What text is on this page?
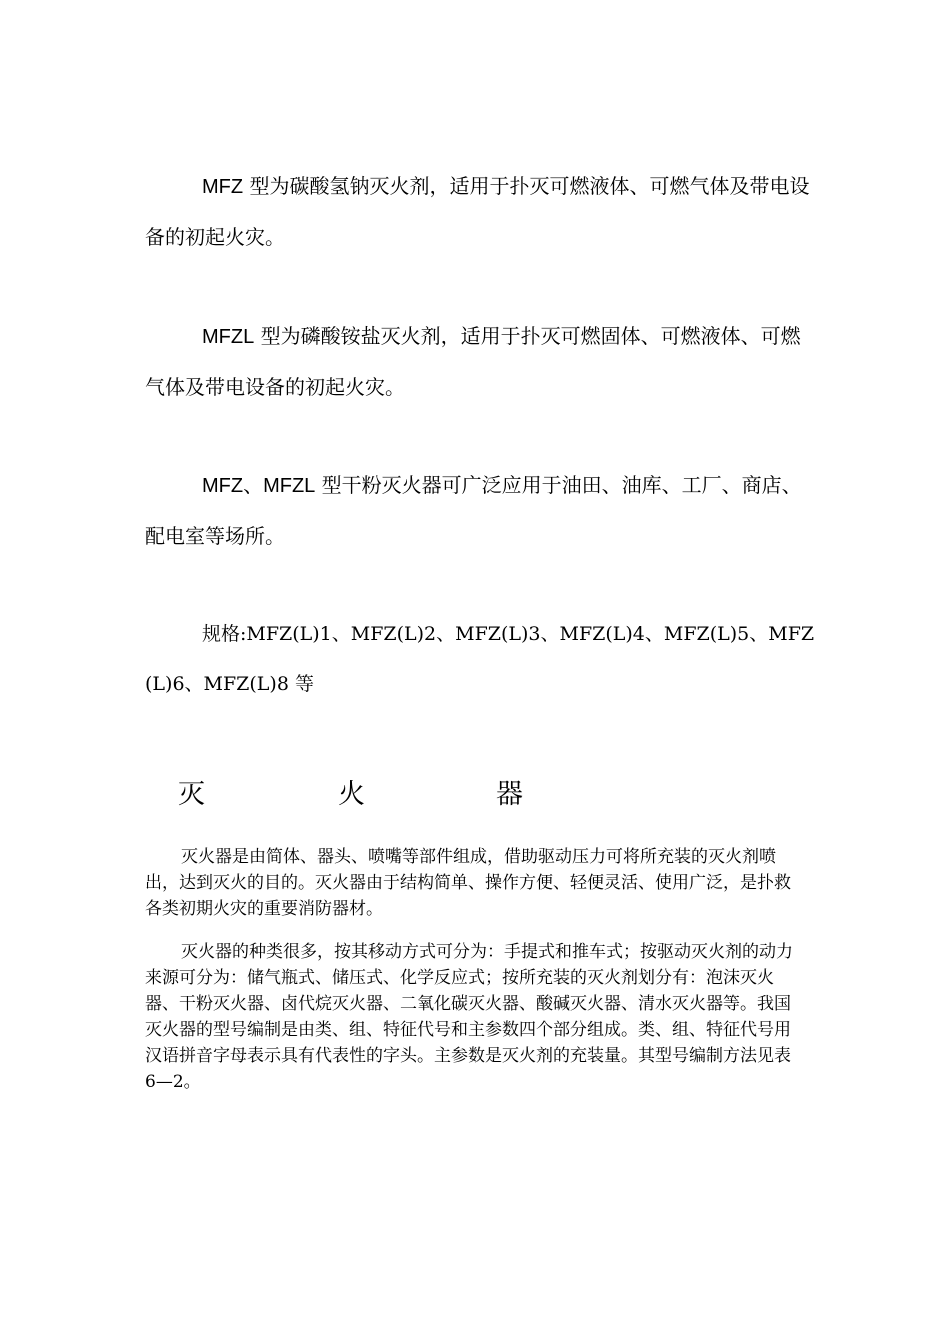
MFZ 型为碳酸氢钠灭火剂，适用于扑灭可燃液体、可燃气体及带电设备的初起火灾。

MFZL 型为磷酸铵盐灭火剂，适用于扑灭可燃固体、可燃液体、可燃气体及带电设备的初起火灾。

MFZ、MFZL 型干粉灭火器可广泛应用于油田、油库、工厂、商店、配电室等场所。

规格:MFZ(L)1、MFZ(L)2、MFZ(L)3、MFZ(L)4、MFZ(L)5、MFZ(L)6、MFZ(L)8 等

灭	火	器

灭火器是由简体、器头、喷嘴等部件组成，借助驱动压力可将所充装的灭火剂喷出，达到灭火的目的。灭火器由于结构简单、操作方便、轻便灵活、使用广泛，是扑救各类初期火灾的重要消防器材。

灭火器的种类很多，按其移动方式可分为：手提式和推车式；按驱动灭火剂的动力来源可分为：储气瓶式、储压式、化学反应式；按所充装的灭火剂划分有：泡沫灭火器、干粉灭火器、卤代烷灭火器、二氧化碳灭火器、酸碱灭火器、清水灭火器等。我国灭火器的型号编制是由类、组、特征代号和主参数四个部分组成。类、组、特征代号用汉语拼音字母表示具有代表性的字头。主参数是灭火剂的充装量。其型号编制方法见表 6—2。
